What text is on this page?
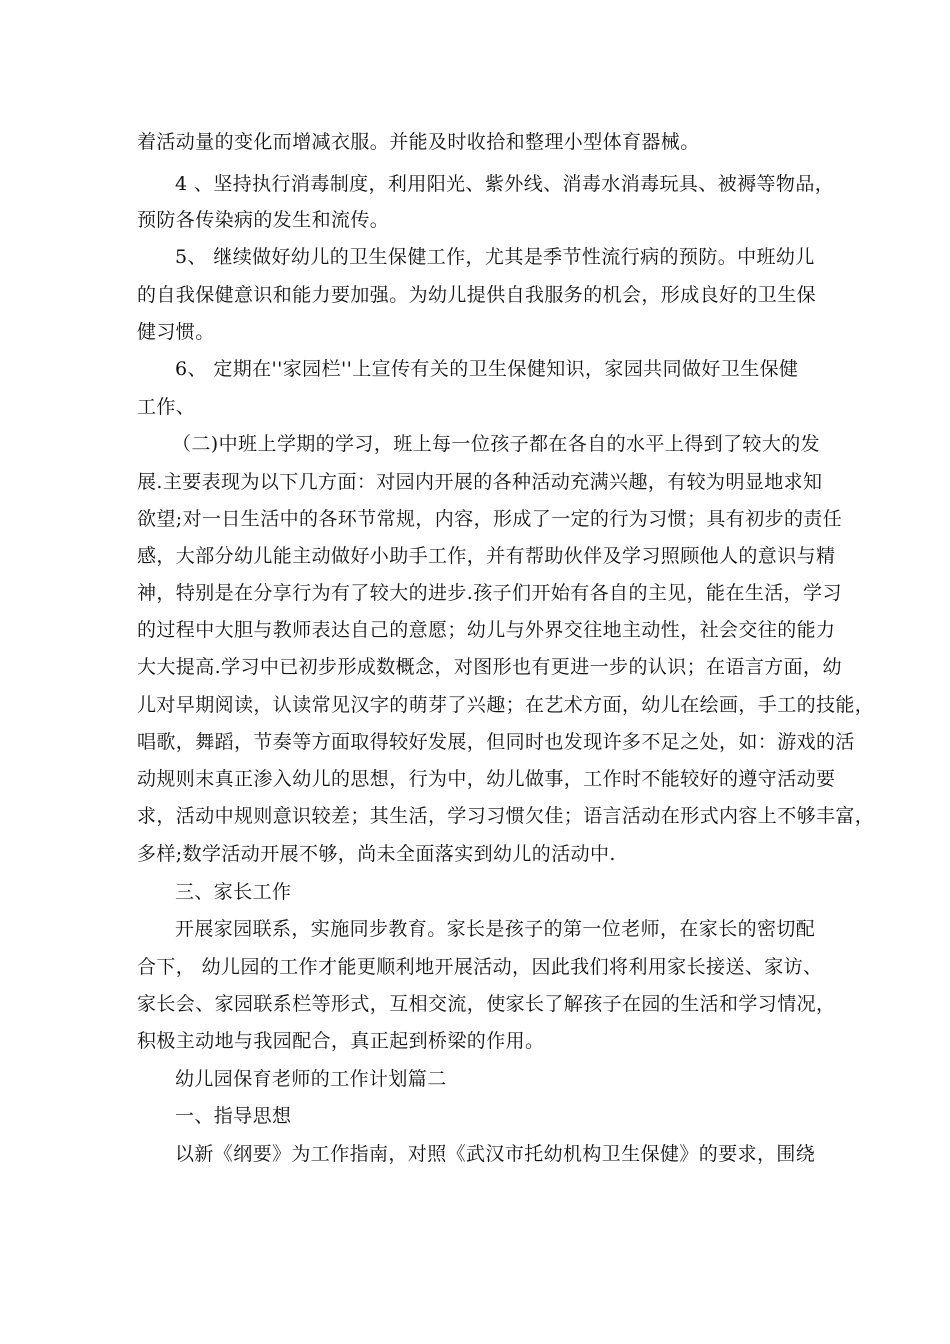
着活动量的变化而增减衣服。并能及时收拾和整理小型体育器械。
4 、坚持执行消毒制度，利用阳光、紫外线、消毒水消毒玩具、被褥等物品，
预防各传染病的发生和流传。
5、 继续做好幼儿的卫生保健工作，尤其是季节性流行病的预防。中班幼儿
的自我保健意识和能力要加强。为幼儿提供自我服务的机会，形成良好的卫生保
健习惯。
6、 定期在''家园栏''上宣传有关的卫生保健知识，家园共同做好卫生保健
工作、
（二)中班上学期的学习，班上每一位孩子都在各自的水平上得到了较大的发
展.主要表现为以下几方面：对园内开展的各种活动充满兴趣，有较为明显地求知
欲望;对一日生活中的各环节常规，内容，形成了一定的行为习惯；具有初步的责任
感，大部分幼儿能主动做好小助手工作，并有帮助伙伴及学习照顾他人的意识与精
神，特别是在分享行为有了较大的进步.孩子们开始有各自的主见，能在生活，学习
的过程中大胆与教师表达自己的意愿；幼儿与外界交往地主动性，社会交往的能力
大大提高.学习中已初步形成数概念，对图形也有更进一步的认识；在语言方面，幼
儿对早期阅读，认读常见汉字的萌芽了兴趣；在艺术方面，幼儿在绘画，手工的技能，
唱歌，舞蹈，节奏等方面取得较好发展，但同时也发现许多不足之处，如：游戏的活
动规则末真正渗入幼儿的思想，行为中，幼儿做事，工作时不能较好的遵守活动要
求，活动中规则意识较差；其生活，学习习惯欠佳；语言活动在形式内容上不够丰富，
多样;数学活动开展不够，尚未全面落实到幼儿的活动中.
三、家长工作
开展家园联系，实施同步教育。家长是孩子的第一位老师，在家长的密切配
合下， 幼儿园的工作才能更顺利地开展活动，因此我们将利用家长接送、家访、
家长会、家园联系栏等形式，互相交流，使家长了解孩子在园的生活和学习情况，
积极主动地与我园配合，真正起到桥梁的作用。
幼儿园保育老师的工作计划篇二
一、指导思想
以新《纲要》为工作指南，对照《武汉市托幼机构卫生保健》的要求，围绕
